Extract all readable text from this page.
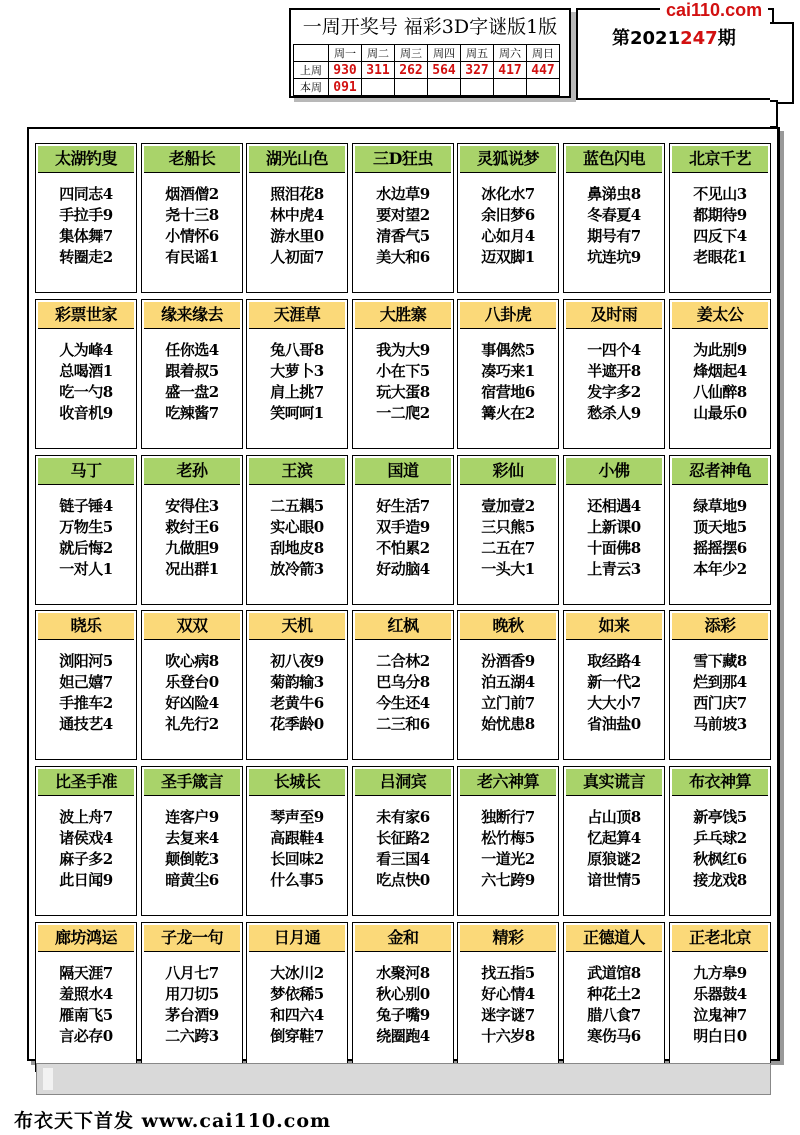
一周开奖号 福彩3D字谜版1版
	周一	周二	周三	周四	周五	周六	周日
上周	930	311	262	564	327	417	447
本周	091						
第2021247期
cai110.com
太湖钓叟
四同志4
手拉手9
集体舞7
转圈走2
老船长
烟酒僧2
尧十三8
小情怀6
有民谣1
湖光山色
照泪花8
林中虎4
游水里0
人初面7
三D狂虫
水边草9
要对望2
清香气5
美大和6
灵狐说梦
冰化水7
余旧梦6
心如月4
迈双脚1
蓝色闪电
鼻涕虫8
冬春夏4
期号有7
坑连坑9
北京千艺
不见山3
都期待9
四反下4
老眼花1
彩票世家
人为峰4
总喝酒1
吃一勺8
收音机9
缘来缘去
任你选4
跟着叔5
盛一盘2
吃辣酱7
天涯草
兔八哥8
大萝卜3
肩上挑7
笑呵呵1
大胜寨
我为大9
小在下5
玩大蛋8
一二爬2
八卦虎
事偶然5
凑巧来1
宿营地6
篝火在2
及时雨
一四个4
半遮开8
发字多2
愁杀人9
姜太公
为此别9
烽烟起4
八仙醉8
山最乐0
马丁
链子锤4
万物生5
就后悔2
一对人1
老孙
安得住3
救纣王6
九做胆9
况出群1
王滨
二五耦5
实心眼0
刮地皮8
放冷箭3
国道
好生活7
双手造9
不怕累2
好动脑4
彩仙
壹加壹2
三只熊5
二五在7
一头大1
小佛
还相遇4
上新课0
十面佛8
上青云3
忍者神龟
绿草地9
顶天地5
摇摇摆6
本年少2
晓乐
浏阳河5
妲己嬉7
手推车2
通技艺4
双双
吹心病8
乐登台0
好凶险4
礼先行2
天机
初八夜9
菊韵输3
老黄牛6
花季龄0
红枫
二合林2
巴乌分8
今生还4
二三和6
晚秋
汾酒香9
泊五湖4
立门前7
始忧患8
如来
取经路4
新一代2
大大小7
省油盐0
添彩
雪下藏8
烂到那4
西门庆7
马前坡3
比圣手准
波上舟7
诸侯戏4
麻子多2
此日闻9
圣手箴言
连客户9
去复来4
颠倒乾3
暗黄尘6
长城长
琴声至9
高跟鞋4
长回味2
什么事5
吕洞宾
未有家6
长征路2
看三国4
吃点快0
老六神算
独断行7
松竹梅5
一道光2
六七跨9
真实谎言
占山顶8
忆起算4
原狼谜2
谙世情5
布衣神算
新亭饯5
乒乓球2
秋枫红6
接龙戏8
廊坊鸿运
隔天涯7
羞照水4
雁南飞5
言必存0
子龙一句
八月七7
用刀切5
茅台酒9
二六跨3
日月通
大冰川2
梦依稀5
和四六4
倒穿鞋7
金和
水聚河8
秋心别0
兔子嘴9
绕圈跑4
精彩
找五指5
好心情4
迷字谜7
十六岁8
正德道人
武道馆8
种花土2
腊八食7
寒伤马6
正老北京
九方皋9
乐器鼓4
泣鬼神7
明白日0
布衣天下首发 www.cai110.com
